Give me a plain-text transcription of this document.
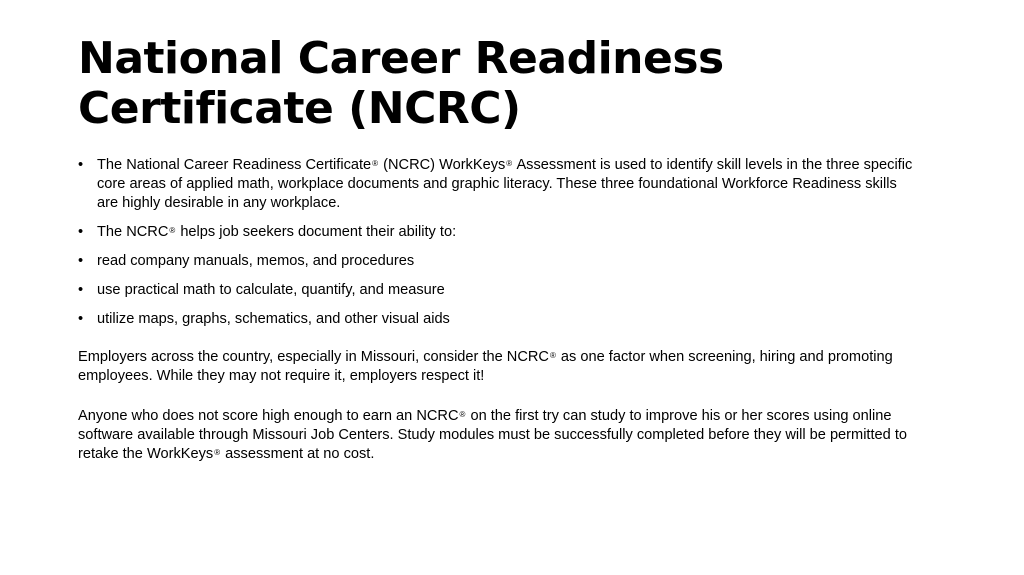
National Career Readiness Certificate (NCRC)
• The National Career Readiness Certificate® (NCRC) WorkKeys® Assessment is used to identify skill levels in the three specific core areas of applied math, workplace documents and graphic literacy. These three foundational Workforce Readiness skills are highly desirable in any workplace.
• The NCRC® helps job seekers document their ability to:
• read company manuals, memos, and procedures
• use practical math to calculate, quantify, and measure
• utilize maps, graphs, schematics, and other visual aids

Employers across the country, especially in Missouri, consider the NCRC® as one factor when screening, hiring and promoting employees. While they may not require it, employers respect it!

Anyone who does not score high enough to earn an NCRC® on the first try can study to improve his or her scores using online software available through Missouri Job Centers. Study modules must be successfully completed before they will be permitted to retake the WorkKeys® assessment at no cost.
